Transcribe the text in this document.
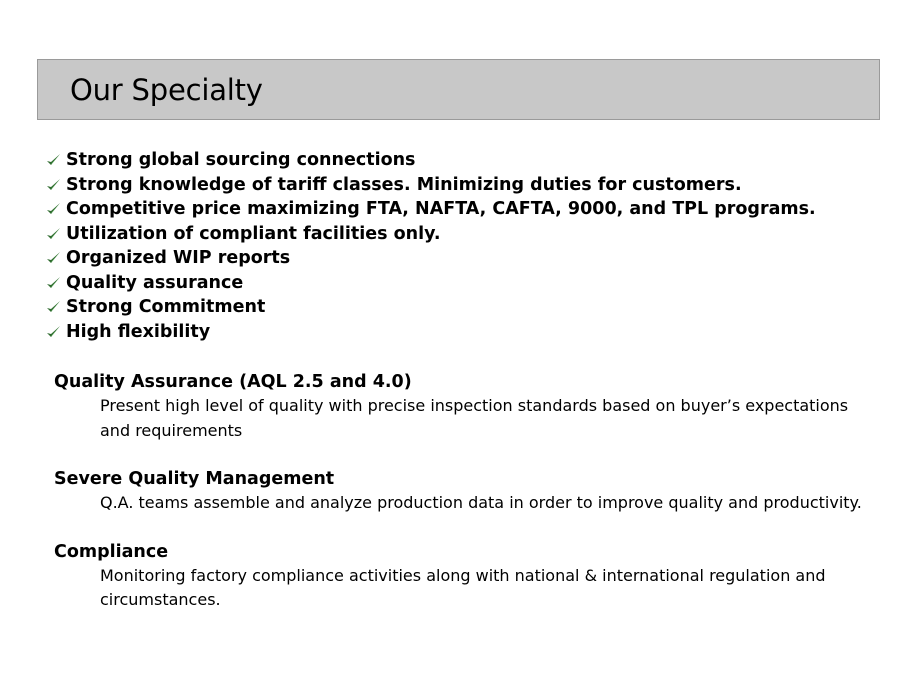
Our Specialty
Strong global sourcing connections
Strong knowledge of tariff classes. Minimizing duties for customers.
Competitive price maximizing FTA, NAFTA, CAFTA, 9000, and TPL programs.
Utilization of compliant facilities only.
Organized WIP reports
Quality assurance
Strong Commitment
High flexibility
Quality Assurance (AQL 2.5 and 4.0)
Present high level of quality with precise inspection standards based on buyer’s expectations and requirements
Severe Quality Management
Q.A. teams assemble and analyze production data in order to improve quality and productivity.
Compliance
Monitoring factory compliance activities along with national & international regulation and circumstances.
